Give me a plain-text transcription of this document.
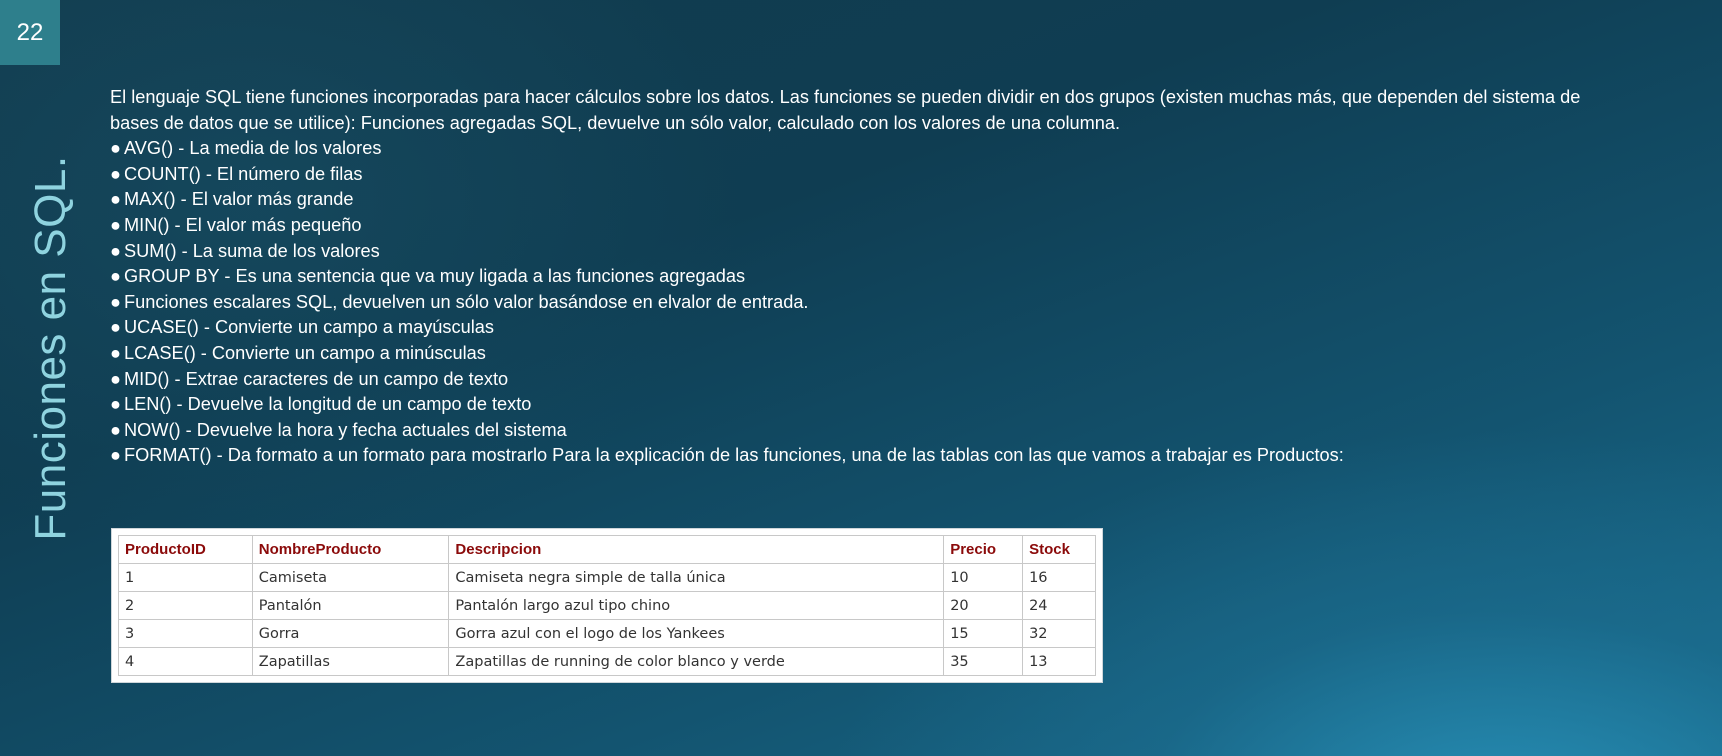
22
Funciones en SQL.

El lenguaje SQL tiene funciones incorporadas para hacer cálculos sobre los datos. Las funciones se pueden dividir en dos grupos (existen muchas más, que dependen del sistema de bases de datos que se utilice): Funciones agregadas SQL, devuelve un sólo valor, calculado con los valores de una columna.

● AVG() - La media de los valores
● COUNT() - El número de filas
● MAX() - El valor más grande
● MIN() - El valor más pequeño
● SUM() - La suma de los valores
● GROUP BY - Es una sentencia que va muy ligada a las funciones agregadas
● Funciones escalares SQL, devuelven un sólo valor basándose en elvalor de entrada.
● UCASE() - Convierte un campo a mayúsculas
● LCASE() - Convierte un campo a minúsculas
● MID() - Extrae caracteres de un campo de texto
● LEN() - Devuelve la longitud de un campo de texto
● NOW() - Devuelve la hora y fecha actuales del sistema
● FORMAT() - Da formato a un formato para mostrarlo Para la explicación de las funciones, una de las tablas con las que vamos a trabajar es Productos:
ProductoID	NombreProducto	Descripcion	Precio	Stock
1	Camiseta	Camiseta negra simple de talla única	10	16
2	Pantalón	Pantalón largo azul tipo chino	20	24
3	Gorra	Gorra azul con el logo de los Yankees	15	32
4	Zapatillas	Zapatillas de running de color blanco y verde	35	13
